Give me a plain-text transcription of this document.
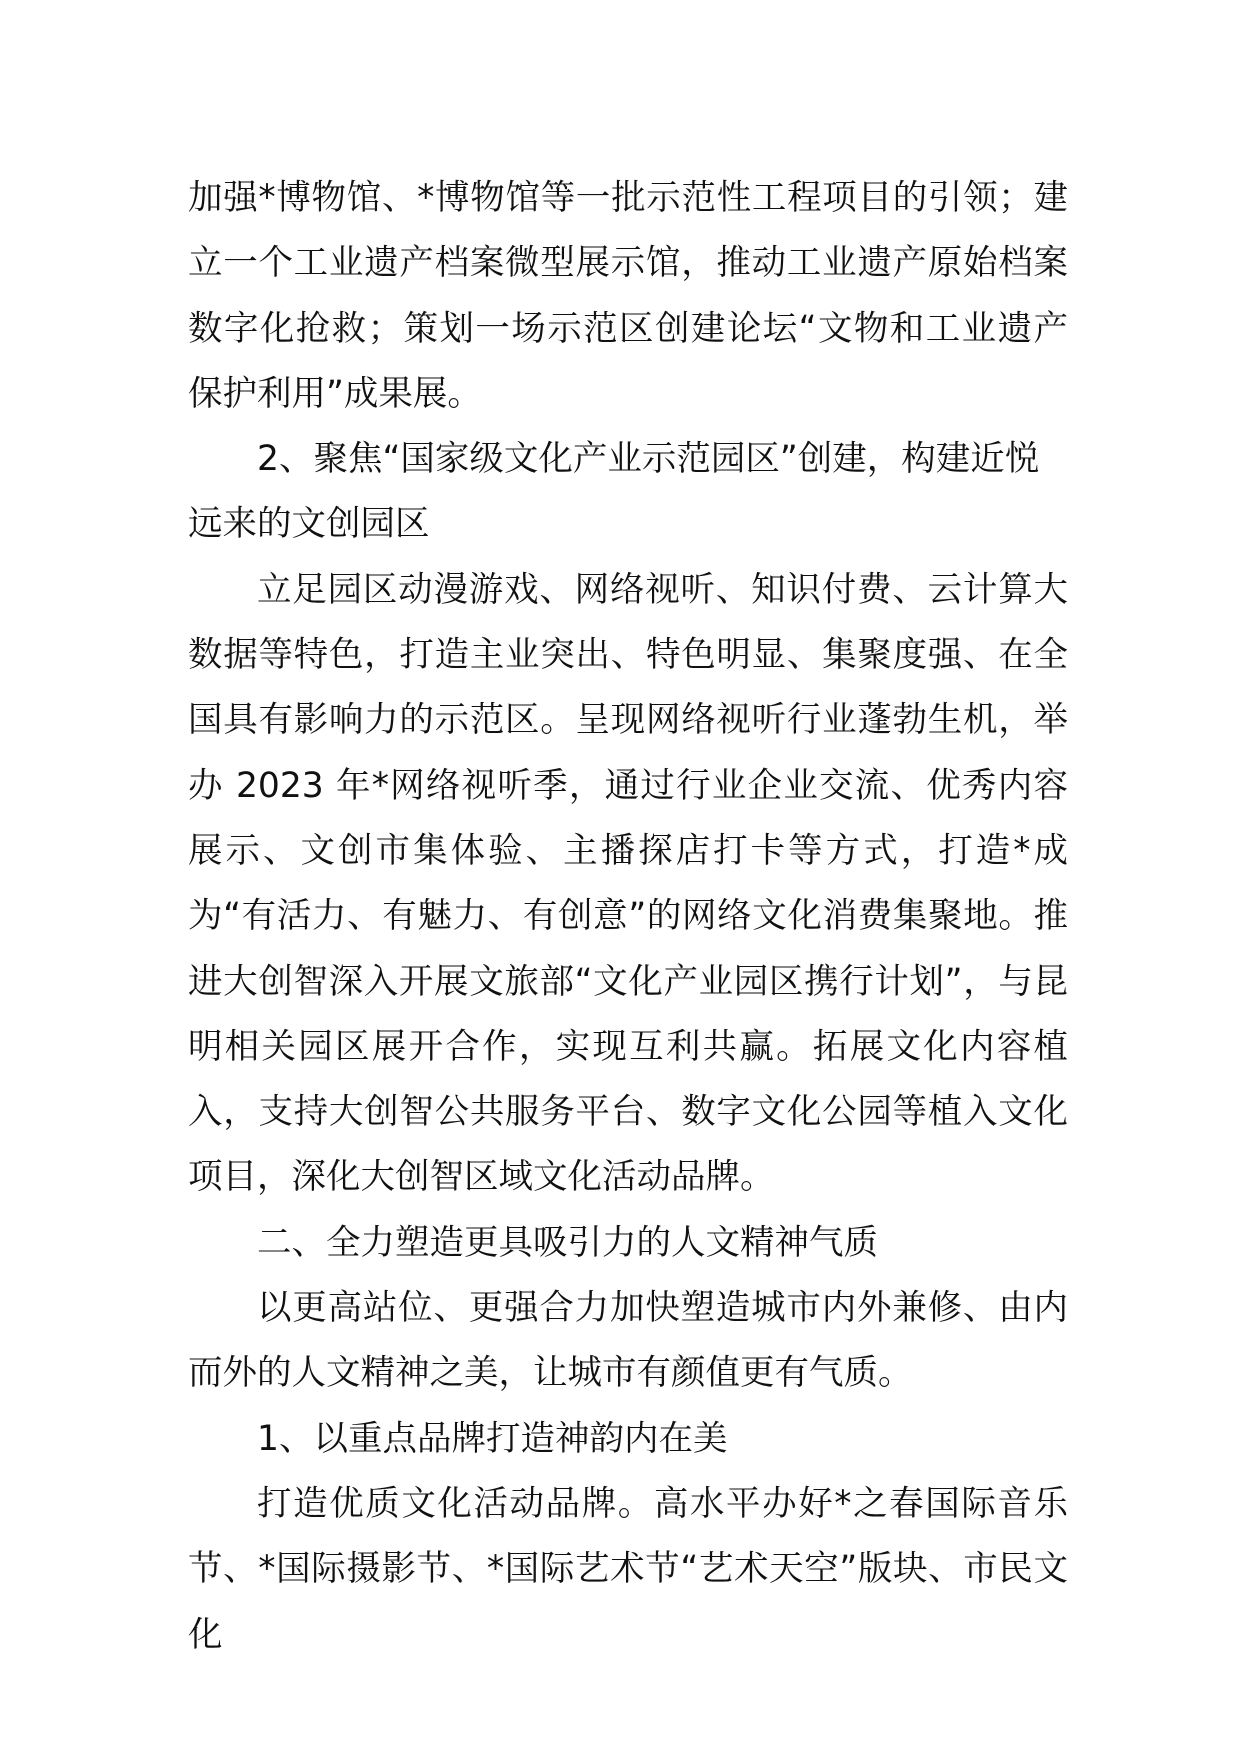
加强*博物馆、*博物馆等一批示范性工程项目的引领；建立一个工业遗产档案微型展示馆，推动工业遗产原始档案数字化抢救；策划一场示范区创建论坛“文物和工业遗产保护利用”成果展。

2、聚焦“国家级文化产业示范园区”创建，构建近悦远来的文创园区

立足园区动漫游戏、网络视听、知识付费、云计算大数据等特色，打造主业突出、特色明显、集聚度强、在全国具有影响力的示范区。呈现网络视听行业蓬勃生机，举办 2023 年*网络视听季，通过行业企业交流、优秀内容展示、文创市集体验、主播探店打卡等方式，打造*成为“有活力、有魅力、有创意”的网络文化消费集聚地。推进大创智深入开展文旅部“文化产业园区携行计划”，与昆明相关园区展开合作，实现互利共赢。拓展文化内容植入，支持大创智公共服务平台、数字文化公园等植入文化项目，深化大创智区域文化活动品牌。

二、全力塑造更具吸引力的人文精神气质

以更高站位、更强合力加快塑造城市内外兼修、由内而外的人文精神之美，让城市有颜值更有气质。

1、以重点品牌打造神韵内在美

打造优质文化活动品牌。高水平办好*之春国际音乐节、*国际摄影节、*国际艺术节“艺术天空”版块、市民文化
